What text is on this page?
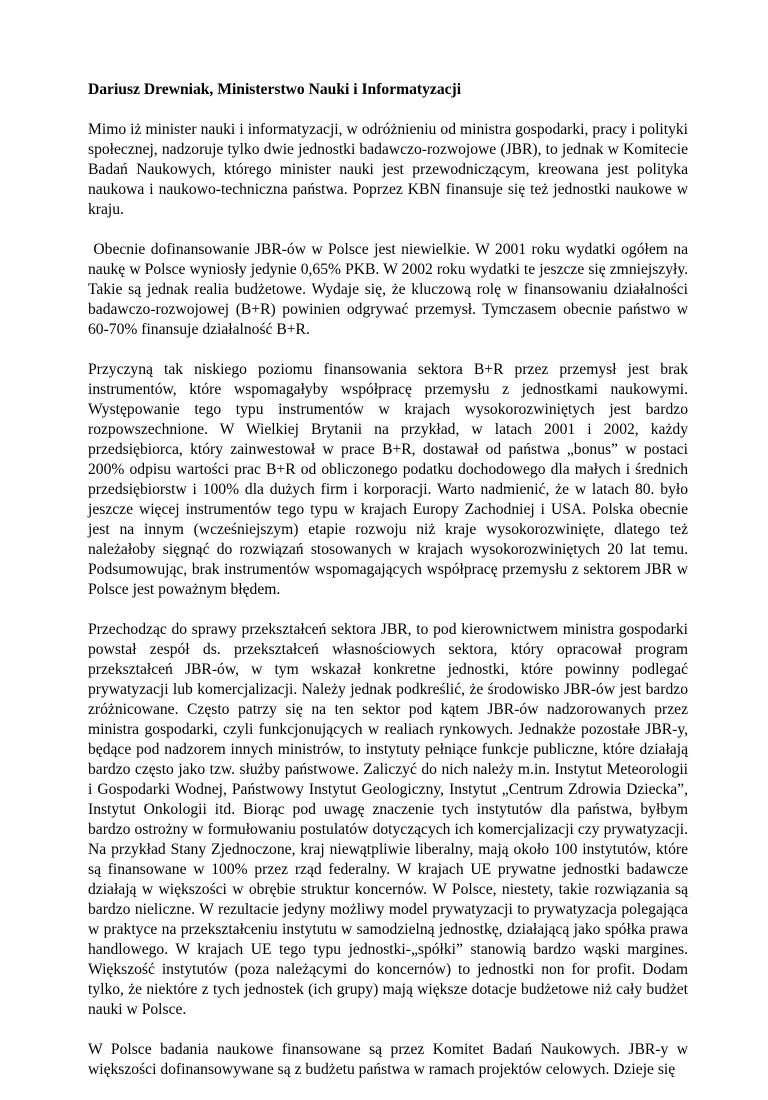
Dariusz Drewniak, Ministerstwo Nauki i Informatyzacji

Mimo iż minister nauki i informatyzacji, w odróżnieniu od ministra gospodarki, pracy i polityki społecznej, nadzoruje tylko dwie jednostki badawczo-rozwojowe (JBR), to jednak w Komitecie Badań Naukowych, którego minister nauki jest przewodniczącym, kreowana jest polityka naukowa i naukowo-techniczna państwa. Poprzez KBN finansuje się też jednostki naukowe w kraju.

Obecnie dofinansowanie JBR-ów w Polsce jest niewielkie. W 2001 roku wydatki ogółem na naukę w Polsce wyniosły jedynie 0,65% PKB. W 2002 roku wydatki te jeszcze się zmniejszyły. Takie są jednak realia budżetowe. Wydaje się, że kluczową rolę w finansowaniu działalności badawczo-rozwojowej (B+R) powinien odgrywać przemysł. Tymczasem obecnie państwo w 60-70% finansuje działalność B+R.

Przyczyną tak niskiego poziomu finansowania sektora B+R przez przemysł jest brak instrumentów, które wspomagałyby współpracę przemysłu z jednostkami naukowymi. Występowanie tego typu instrumentów w krajach wysokorozwiniętych jest bardzo rozpowszechnione. W Wielkiej Brytanii na przykład, w latach 2001 i 2002, każdy przedsiębiorca, który zainwestował w prace B+R, dostawał od państwa „bonus” w postaci 200% odpisu wartości prac B+R od obliczonego podatku dochodowego dla małych i średnich przedsiębiorstw i 100% dla dużych firm i korporacji. Warto nadmienić, że w latach 80. było jeszcze więcej instrumentów tego typu w krajach Europy Zachodniej i USA. Polska obecnie jest na innym (wcześniejszym) etapie rozwoju niż kraje wysokorozwinięte, dlatego też należałoby sięgnąć do rozwiązań stosowanych w krajach wysokorozwiniętych 20 lat temu. Podsumowując, brak instrumentów wspomagających współpracę przemysłu z sektorem JBR w Polsce jest poważnym błędem.

Przechodząc do sprawy przekształceń sektora JBR, to pod kierownictwem ministra gospodarki powstał zespół ds. przekształceń własnościowych sektora, który opracował program przekształceń JBR-ów, w tym wskazał konkretne jednostki, które powinny podlegać prywatyzacji lub komercjalizacji. Należy jednak podkreślić, że środowisko JBR-ów jest bardzo zróżnicowane. Często patrzy się na ten sektor pod kątem JBR-ów nadzorowanych przez ministra gospodarki, czyli funkcjonujących w realiach rynkowych. Jednakże pozostałe JBR-y, będące pod nadzorem innych ministrów, to instytuty pełniące funkcje publiczne, które działają bardzo często jako tzw. służby państwowe. Zaliczyć do nich należy m.in. Instytut Meteorologii i Gospodarki Wodnej, Państwowy Instytut Geologiczny, Instytut „Centrum Zdrowia Dziecka”, Instytut Onkologii itd. Biorąc pod uwagę znaczenie tych instytutów dla państwa, byłbym bardzo ostrożny w formułowaniu postulatów dotyczących ich komercjalizacji czy prywatyzacji. Na przykład Stany Zjednoczone, kraj niewątpliwie liberalny, mają około 100 instytutów, które są finansowane w 100% przez rząd federalny. W krajach UE prywatne jednostki badawcze działają w większości w obrębie struktur koncernów. W Polsce, niestety, takie rozwiązania są bardzo nieliczne. W rezultacie jedyny możliwy model prywatyzacji to prywatyzacja polegająca w praktyce na przekształceniu instytutu w samodzielną jednostkę, działającą jako spółka prawa handlowego. W krajach UE tego typu jednostki-„spółki” stanowią bardzo wąski margines. Większość instytutów (poza należącymi do koncernów) to jednostki non for profit. Dodam tylko, że niektóre z tych jednostek (ich grupy) mają większe dotacje budżetowe niż cały budżet nauki w Polsce.

W Polsce badania naukowe finansowane są przez Komitet Badań Naukowych. JBR-y w większości dofinansowywane są z budżetu państwa w ramach projektów celowych. Dzieje się
